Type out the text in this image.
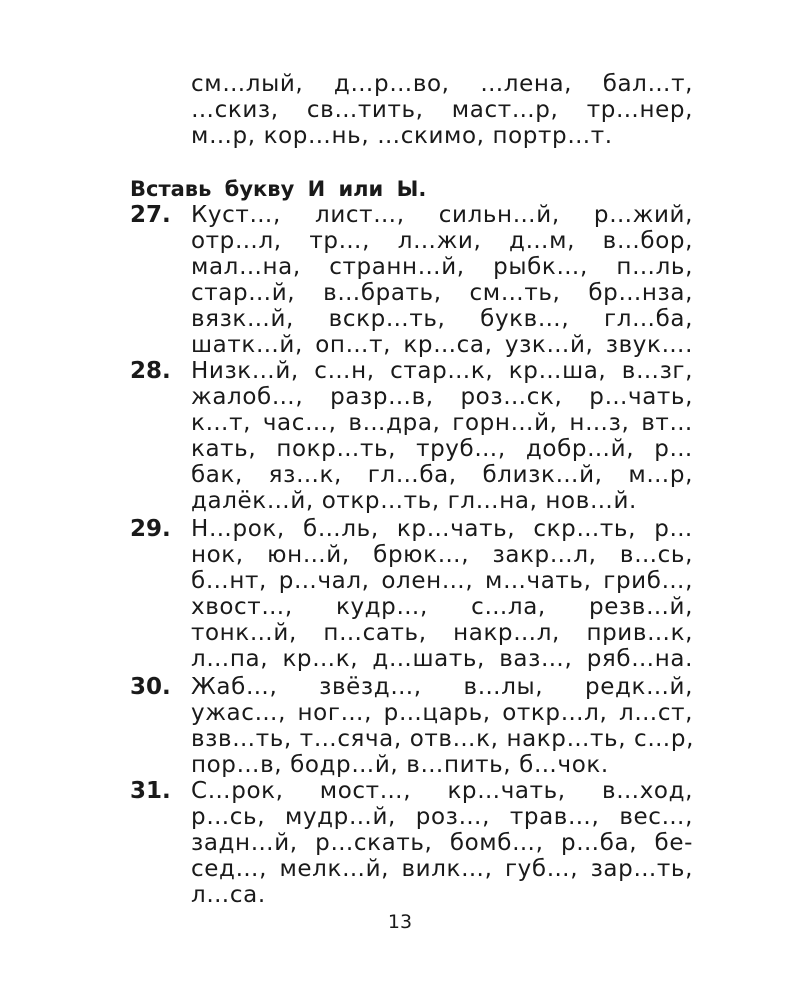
см…лый, д…р…во, …лена, бал…т,
…скиз, св…тить, маст…р, тр…нер,
м…р, кор…нь, …скимо, портр…т.
Вставь букву И или Ы.
27. Куст…, лист…, сильн…й, р…жий,
отр…л, тр…, л…жи, д…м, в…бор,
мал…на, странн…й, рыбк…, п…ль,
стар…й, в…брать, см…ть, бр…нза,
вязк…й, вскр…ть, букв…, гл…ба,
шатк…й, оп…т, кр…са, узк…й, звук….
28. Низк…й, с…н, стар…к, кр…ша, в…зг,
жалоб…, разр…в, роз…ск, р…чать,
к…т, час…, в…дра, горн…й, н…з, вт…
кать, покр…ть, труб…, добр…й, р…
бак, яз…к, гл…ба, близк…й, м…р,
далёк…й, откр…ть, гл…на, нов…й.
29. Н…рок, б…ль, кр…чать, скр…ть, р…
нок, юн…й, брюк…, закр…л, в…сь,
б…нт, р…чал, олен…, м…чать, гриб…,
хвост…, кудр…, с…ла, резв…й,
тонк…й, п…сать, накр…л, прив…к,
л…па, кр…к, д…шать, ваз…, ряб…на.
30. Жаб…, звёзд…, в…лы, редк…й,
ужас…, ног…, р…царь, откр…л, л…ст,
взв…ть, т…сяча, отв…к, накр…ть, с…р,
пор…в, бодр…й, в…пить, б…чок.
31. С…рок, мост…, кр…чать, в…ход,
р…сь, мудр…й, роз…, трав…, вес…,
задн…й, р…скать, бомб…, р…ба, бе-
сед…, мелк…й, вилк…, губ…, зар…ть,
л…са.
13
